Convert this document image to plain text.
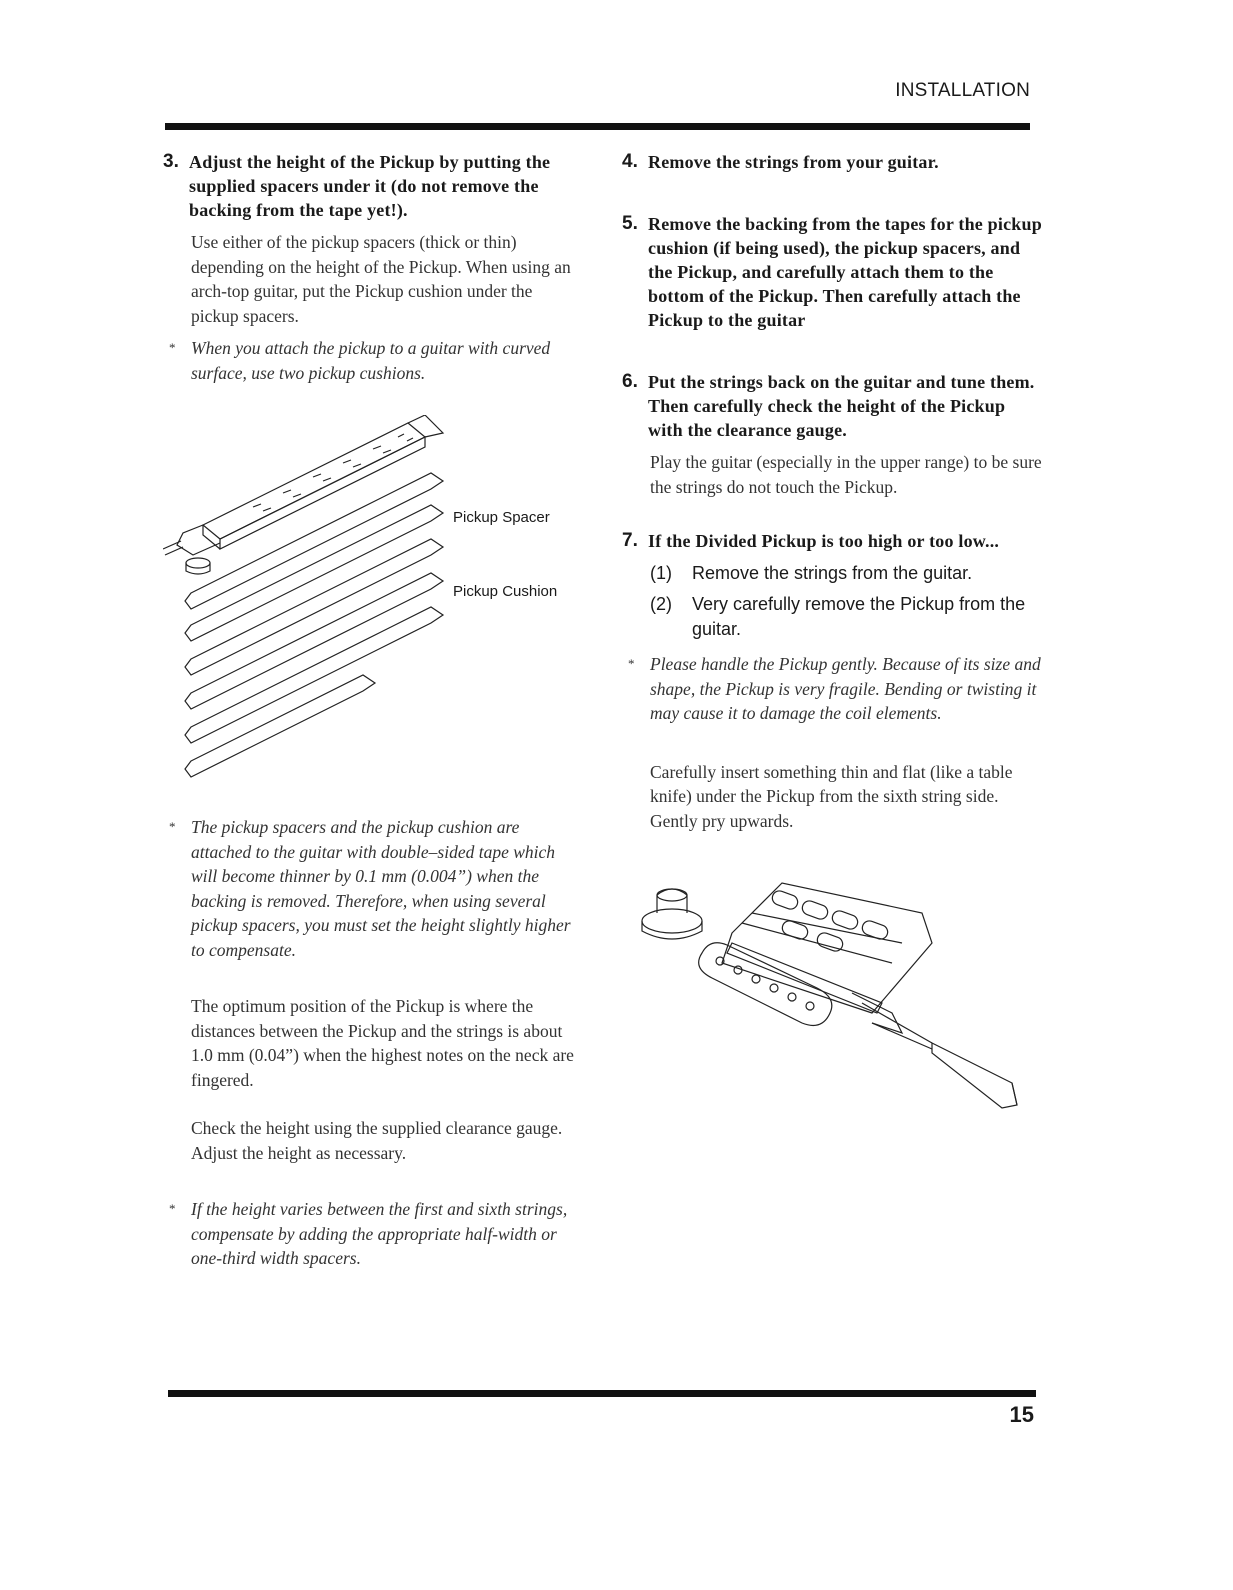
INSTALLATION
3. Adjust the height of the Pickup by putting the supplied spacers under it (do not remove the backing from the tape yet!).
Use either of the pickup spacers (thick or thin) depending on the height of the Pickup. When using an arch-top guitar, put the Pickup cushion under the pickup spacers.
* When you attach the pickup to a guitar with curved surface, use two pickup cushions.
Pickup Spacer
Pickup Cushion
* The pickup spacers and the pickup cushion are attached to the guitar with double–sided tape which will become thinner by 0.1 mm (0.004”) when the backing is removed. Therefore, when using several pickup spacers, you must set the height slightly higher to compensate.
The optimum position of the Pickup is where the distances between the Pickup and the strings is about 1.0 mm (0.04”) when the highest notes on the neck are fingered.
Check the height using the supplied clearance gauge. Adjust the height as necessary.
* If the height varies between the first and sixth strings, compensate by adding the appropriate half-width or one-third width spacers.
4. Remove the strings from your guitar.
5. Remove the backing from the tapes for the pickup cushion (if being used), the pickup spacers, and the Pickup, and carefully attach them to the bottom of the Pickup. Then carefully attach the Pickup to the guitar
6. Put the strings back on the guitar and tune them. Then carefully check the height of the Pickup with the clearance gauge.
Play the guitar (especially in the upper range) to be sure the strings do not touch the Pickup.
7. If the Divided Pickup is too high or too low...
(1)	Remove the strings from the guitar.
(2)	Very carefully remove the Pickup from the guitar.
* Please handle the Pickup gently. Because of its size and shape, the Pickup is very fragile. Bending or twisting it may cause it to damage the coil elements.
Carefully insert something thin and flat (like a table knife) under the Pickup from the sixth string side. Gently pry upwards.
15
